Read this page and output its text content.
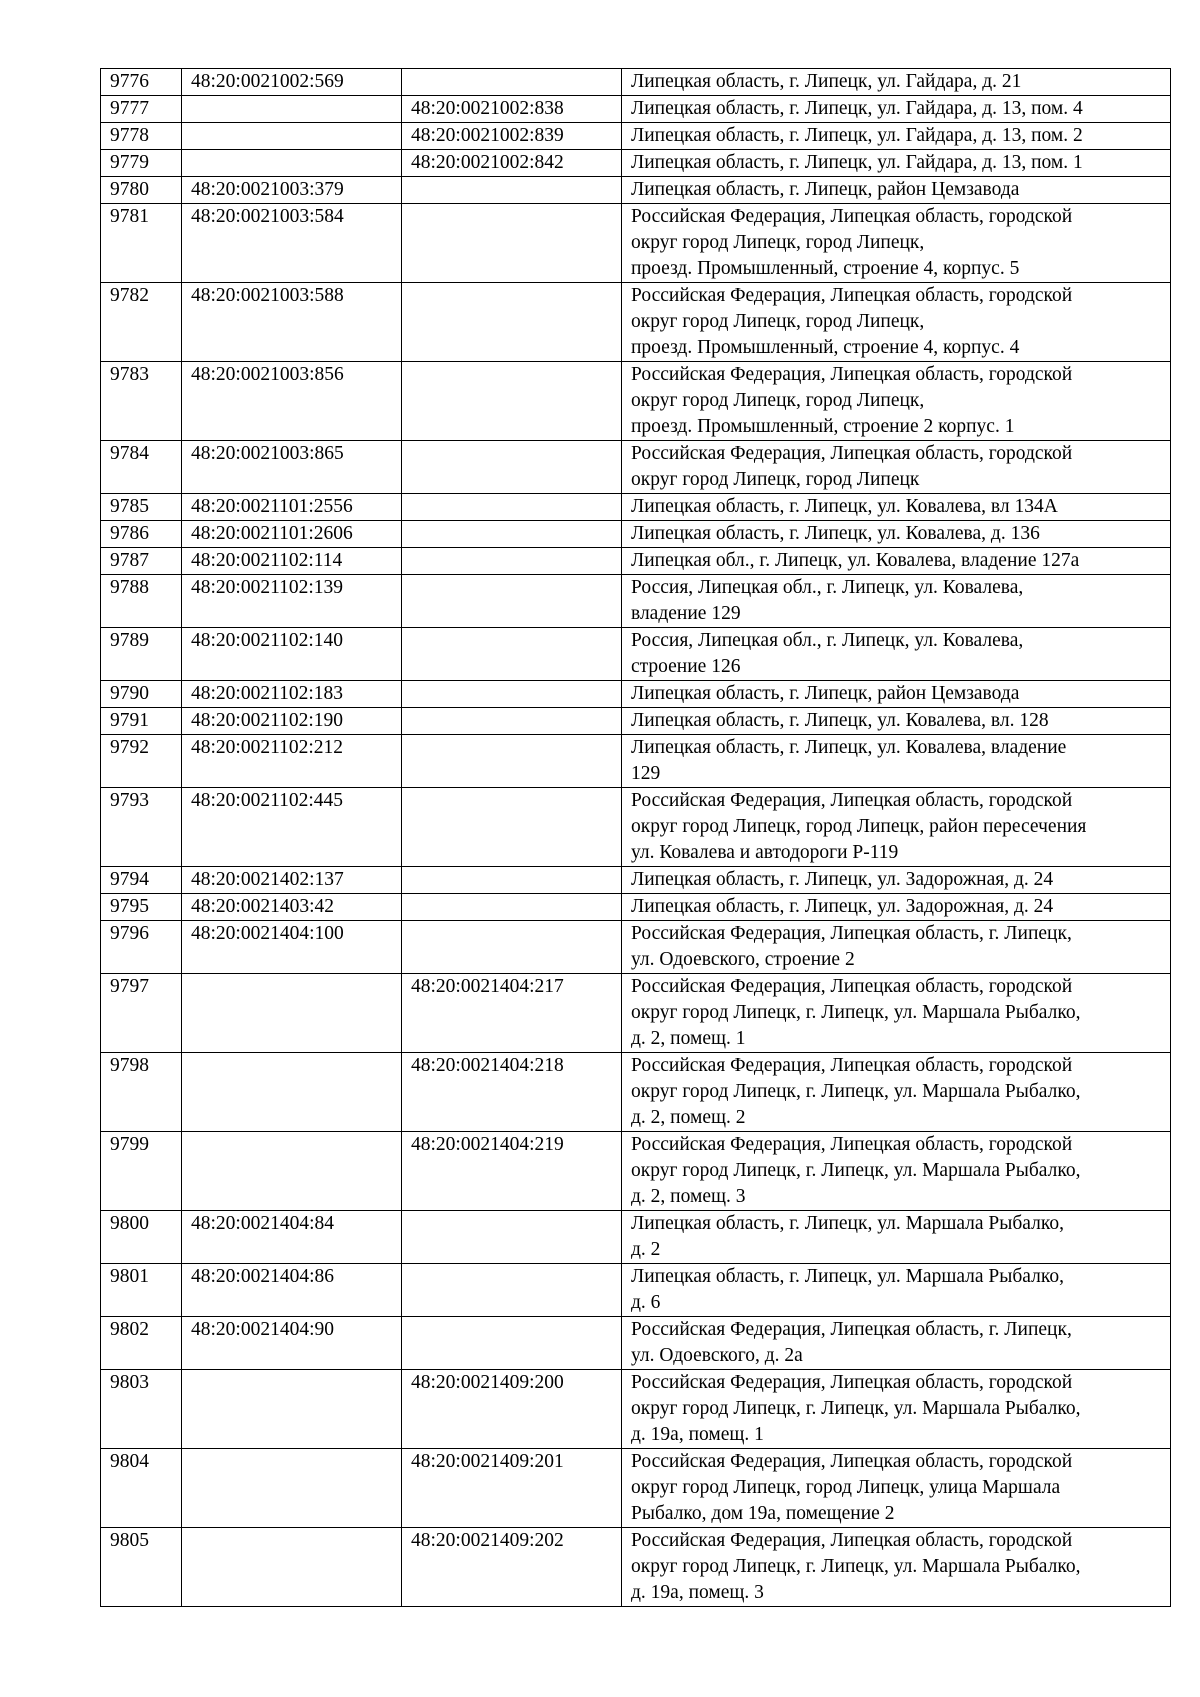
9776	48:20:0021002:569		Липецкая область, г. Липецк, ул. Гайдара, д. 21
9777		48:20:0021002:838	Липецкая область, г. Липецк, ул. Гайдара, д. 13, пом. 4
9778		48:20:0021002:839	Липецкая область, г. Липецк, ул. Гайдара, д. 13, пом. 2
9779		48:20:0021002:842	Липецкая область, г. Липецк, ул. Гайдара, д. 13, пом. 1
9780	48:20:0021003:379		Липецкая область, г. Липецк, район Цемзавода
9781	48:20:0021003:584		Российская Федерация, Липецкая область, городской
округ город Липецк, город Липецк,
проезд. Промышленный, строение 4, корпус. 5
9782	48:20:0021003:588		Российская Федерация, Липецкая область, городской
округ город Липецк, город Липецк,
проезд. Промышленный, строение 4, корпус. 4
9783	48:20:0021003:856		Российская Федерация, Липецкая область, городской
округ город Липецк, город Липецк,
проезд. Промышленный, строение 2 корпус. 1
9784	48:20:0021003:865		Российская Федерация, Липецкая область, городской
округ город Липецк, город Липецк
9785	48:20:0021101:2556		Липецкая область, г. Липецк, ул. Ковалева, вл 134А
9786	48:20:0021101:2606		Липецкая область, г. Липецк, ул. Ковалева, д. 136
9787	48:20:0021102:114		Липецкая обл., г. Липецк, ул. Ковалева, владение 127а
9788	48:20:0021102:139		Россия, Липецкая обл., г. Липецк, ул. Ковалева,
владение 129
9789	48:20:0021102:140		Россия, Липецкая обл., г. Липецк, ул. Ковалева,
строение 126
9790	48:20:0021102:183		Липецкая область, г. Липецк, район Цемзавода
9791	48:20:0021102:190		Липецкая область, г. Липецк, ул. Ковалева, вл. 128
9792	48:20:0021102:212		Липецкая область, г. Липецк, ул. Ковалева, владение
129
9793	48:20:0021102:445		Российская Федерация, Липецкая область, городской
округ город Липецк, город Липецк, район пересечения
ул. Ковалева и автодороги Р-119
9794	48:20:0021402:137		Липецкая область, г. Липецк, ул. Задорожная, д. 24
9795	48:20:0021403:42		Липецкая область, г. Липецк, ул. Задорожная, д. 24
9796	48:20:0021404:100		Российская Федерация, Липецкая область, г. Липецк,
ул. Одоевского, строение 2
9797		48:20:0021404:217	Российская Федерация, Липецкая область, городской
округ город Липецк, г. Липецк, ул. Маршала Рыбалко,
д. 2, помещ. 1
9798		48:20:0021404:218	Российская Федерация, Липецкая область, городской
округ город Липецк, г. Липецк, ул. Маршала Рыбалко,
д. 2, помещ. 2
9799		48:20:0021404:219	Российская Федерация, Липецкая область, городской
округ город Липецк, г. Липецк, ул. Маршала Рыбалко,
д. 2, помещ. 3
9800	48:20:0021404:84		Липецкая область, г. Липецк, ул. Маршала Рыбалко,
д. 2
9801	48:20:0021404:86		Липецкая область, г. Липецк, ул. Маршала Рыбалко,
д. 6
9802	48:20:0021404:90		Российская Федерация, Липецкая область, г. Липецк,
ул. Одоевского, д. 2а
9803		48:20:0021409:200	Российская Федерация, Липецкая область, городской
округ город Липецк, г. Липецк, ул. Маршала Рыбалко,
д. 19а, помещ. 1
9804		48:20:0021409:201	Российская Федерация, Липецкая область, городской
округ город Липецк, город Липецк, улица Маршала
Рыбалко, дом 19а, помещение 2
9805		48:20:0021409:202	Российская Федерация, Липецкая область, городской
округ город Липецк, г. Липецк, ул. Маршала Рыбалко,
д. 19а, помещ. 3
